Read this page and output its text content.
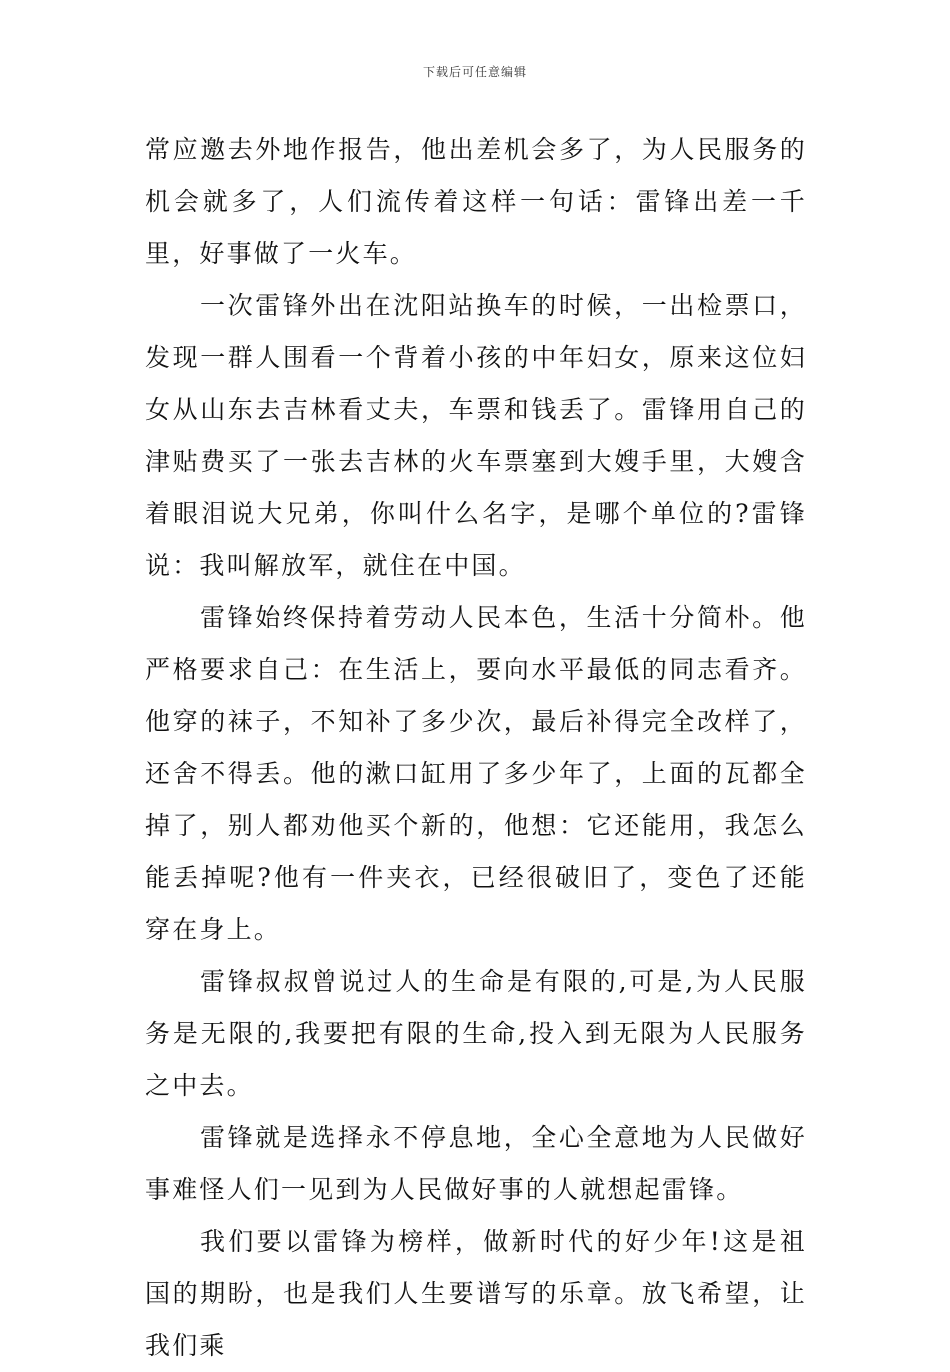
下载后可任意编辑

常应邀去外地作报告，他出差机会多了，为人民服务的机会就多了，人们流传着这样一句话：雷锋出差一千里，好事做了一火车。

一次雷锋外出在沈阳站换车的时候，一出检票口，发现一群人围看一个背着小孩的中年妇女，原来这位妇女从山东去吉林看丈夫，车票和钱丢了。雷锋用自己的津贴费买了一张去吉林的火车票塞到大嫂手里，大嫂含着眼泪说大兄弟，你叫什么名字，是哪个单位的?雷锋说：我叫解放军，就住在中国。

雷锋始终保持着劳动人民本色，生活十分简朴。他严格要求自己：在生活上，要向水平最低的同志看齐。他穿的袜子，不知补了多少次，最后补得完全改样了，还舍不得丢。他的漱口缸用了多少年了，上面的瓦都全掉了，别人都劝他买个新的，他想：它还能用，我怎么能丢掉呢?他有一件夹衣，已经很破旧了，变色了还能穿在身上。

雷锋叔叔曾说过人的生命是有限的,可是,为人民服务是无限的,我要把有限的生命,投入到无限为人民服务之中去。

雷锋就是选择永不停息地，全心全意地为人民做好事难怪人们一见到为人民做好事的人就想起雷锋。

我们要以雷锋为榜样，做新时代的好少年!这是祖国的期盼，也是我们人生要谱写的乐章。放飞希望，让我们乘
